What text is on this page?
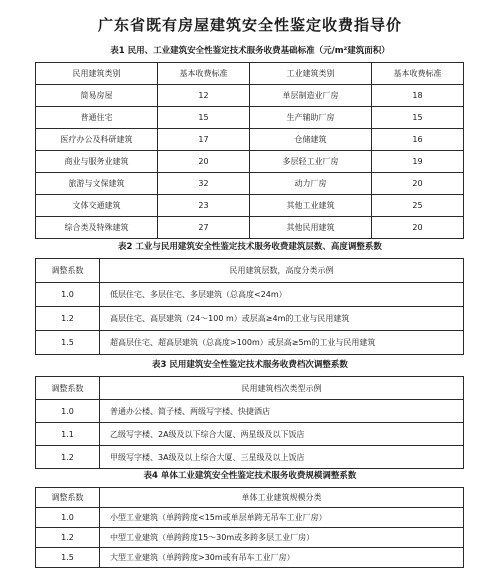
广东省既有房屋建筑安全性鉴定收费指导价
表1 民用、工业建筑安全性鉴定技术服务收费基础标准（元/m²建筑面积）
民用建筑类别	基本收费标准	工业建筑类别	基本收费标准
简易房屋	12	单层制造业厂房	18
普通住宅	15	生产辅助厂房	15
医疗办公及科研建筑	17	仓储建筑	16
商业与服务业建筑	20	多层轻工业厂房	19
旅游与文保建筑	32	动力厂房	20
文体交通建筑	23	其他工业建筑	25
综合类及特殊建筑	27	其他民用建筑	20
表2 工业与民用建筑安全性鉴定技术服务收费建筑层数、高度调整系数
调整系数	民用建筑层数，高度分类示例
1.0	低层住宅、多层住宅、多层建筑（总高度<24m）
1.2	高层住宅、高层建筑（24～100 m）或层高≥4m的工业与民用建筑
1.5	超高层住宅、超高层建筑（总高度>100m）或层高≥5m的工业与民用建筑
表3 民用建筑安全性鉴定技术服务收费档次调整系数
调整系数	民用建筑档次类型示例
1.0	普通办公楼、简子楼、两级写字楼、快捷酒店
1.1	乙级写字楼、2A级及以下综合大厦、两星级及以下饭店
1.2	甲级写字楼、3A级及以上综合大厦、三星级及以上饭店
表4 单体工业建筑安全性鉴定技术服务收费规模调整系数
调整系数	单体工业建筑规模分类
1.0	小型工业建筑（单跨跨度<15m或单层单跨无吊车工业厂房）
1.2	中型工业建筑（单跨跨度15～30m或多跨多层工业厂房）
1.5	大型工业建筑（单跨跨度>30m或有吊车工业厂房）
